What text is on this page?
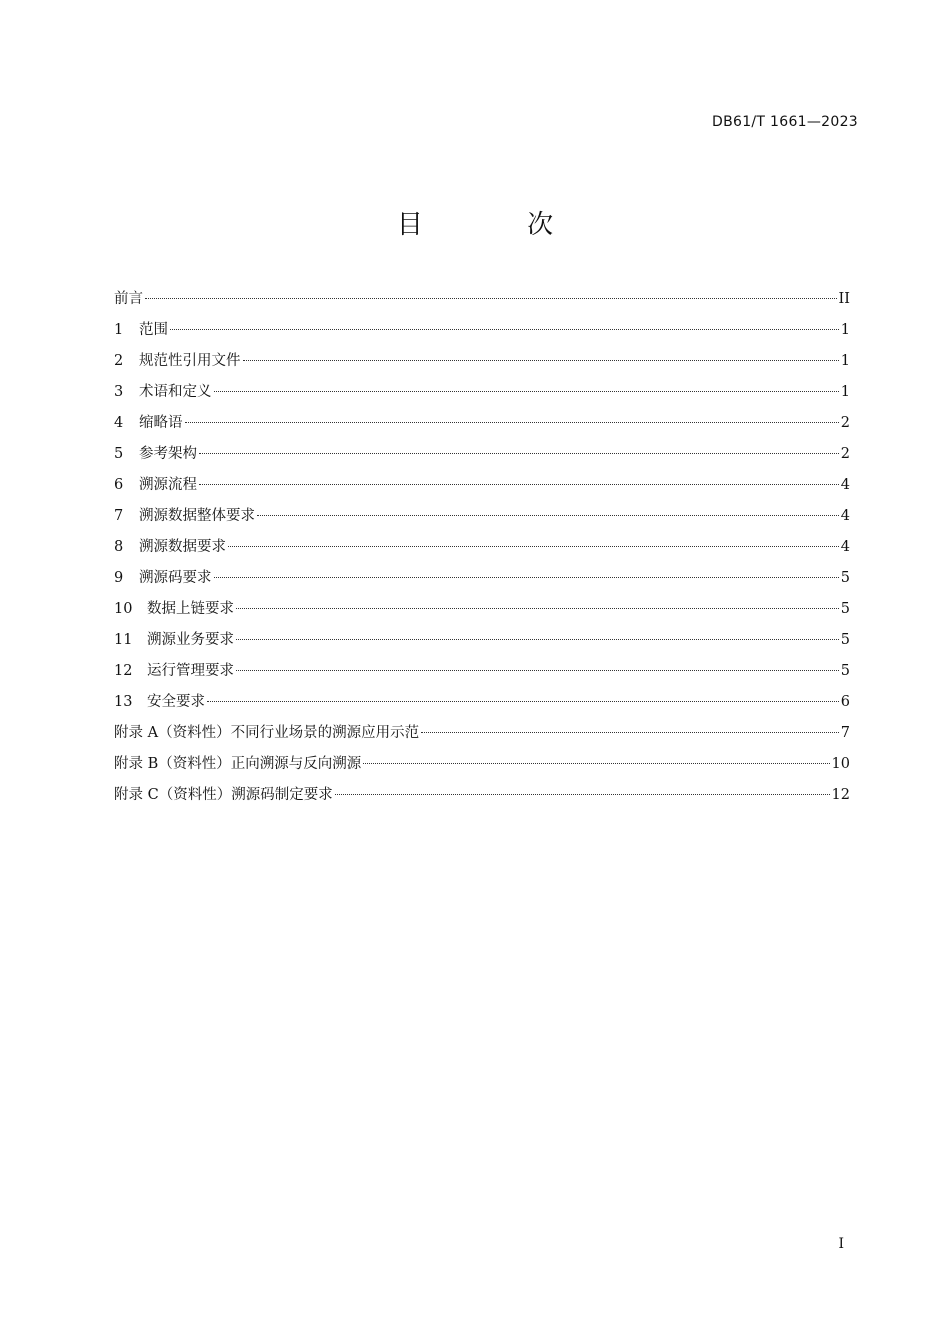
DB61/T 1661—2023
目 次
前言	II
1	范围	1
2	规范性引用文件	1
3	术语和定义	1
4	缩略语	2
5	参考架构	2
6	溯源流程	4
7	溯源数据整体要求	4
8	溯源数据要求	4
9	溯源码要求	5
10	数据上链要求	5
11	溯源业务要求	5
12	运行管理要求	5
13	安全要求	6
附录 A（资料性）不同行业场景的溯源应用示范	7
附录 B（资料性）正向溯源与反向溯源	10
附录 C（资料性）溯源码制定要求	12
I
